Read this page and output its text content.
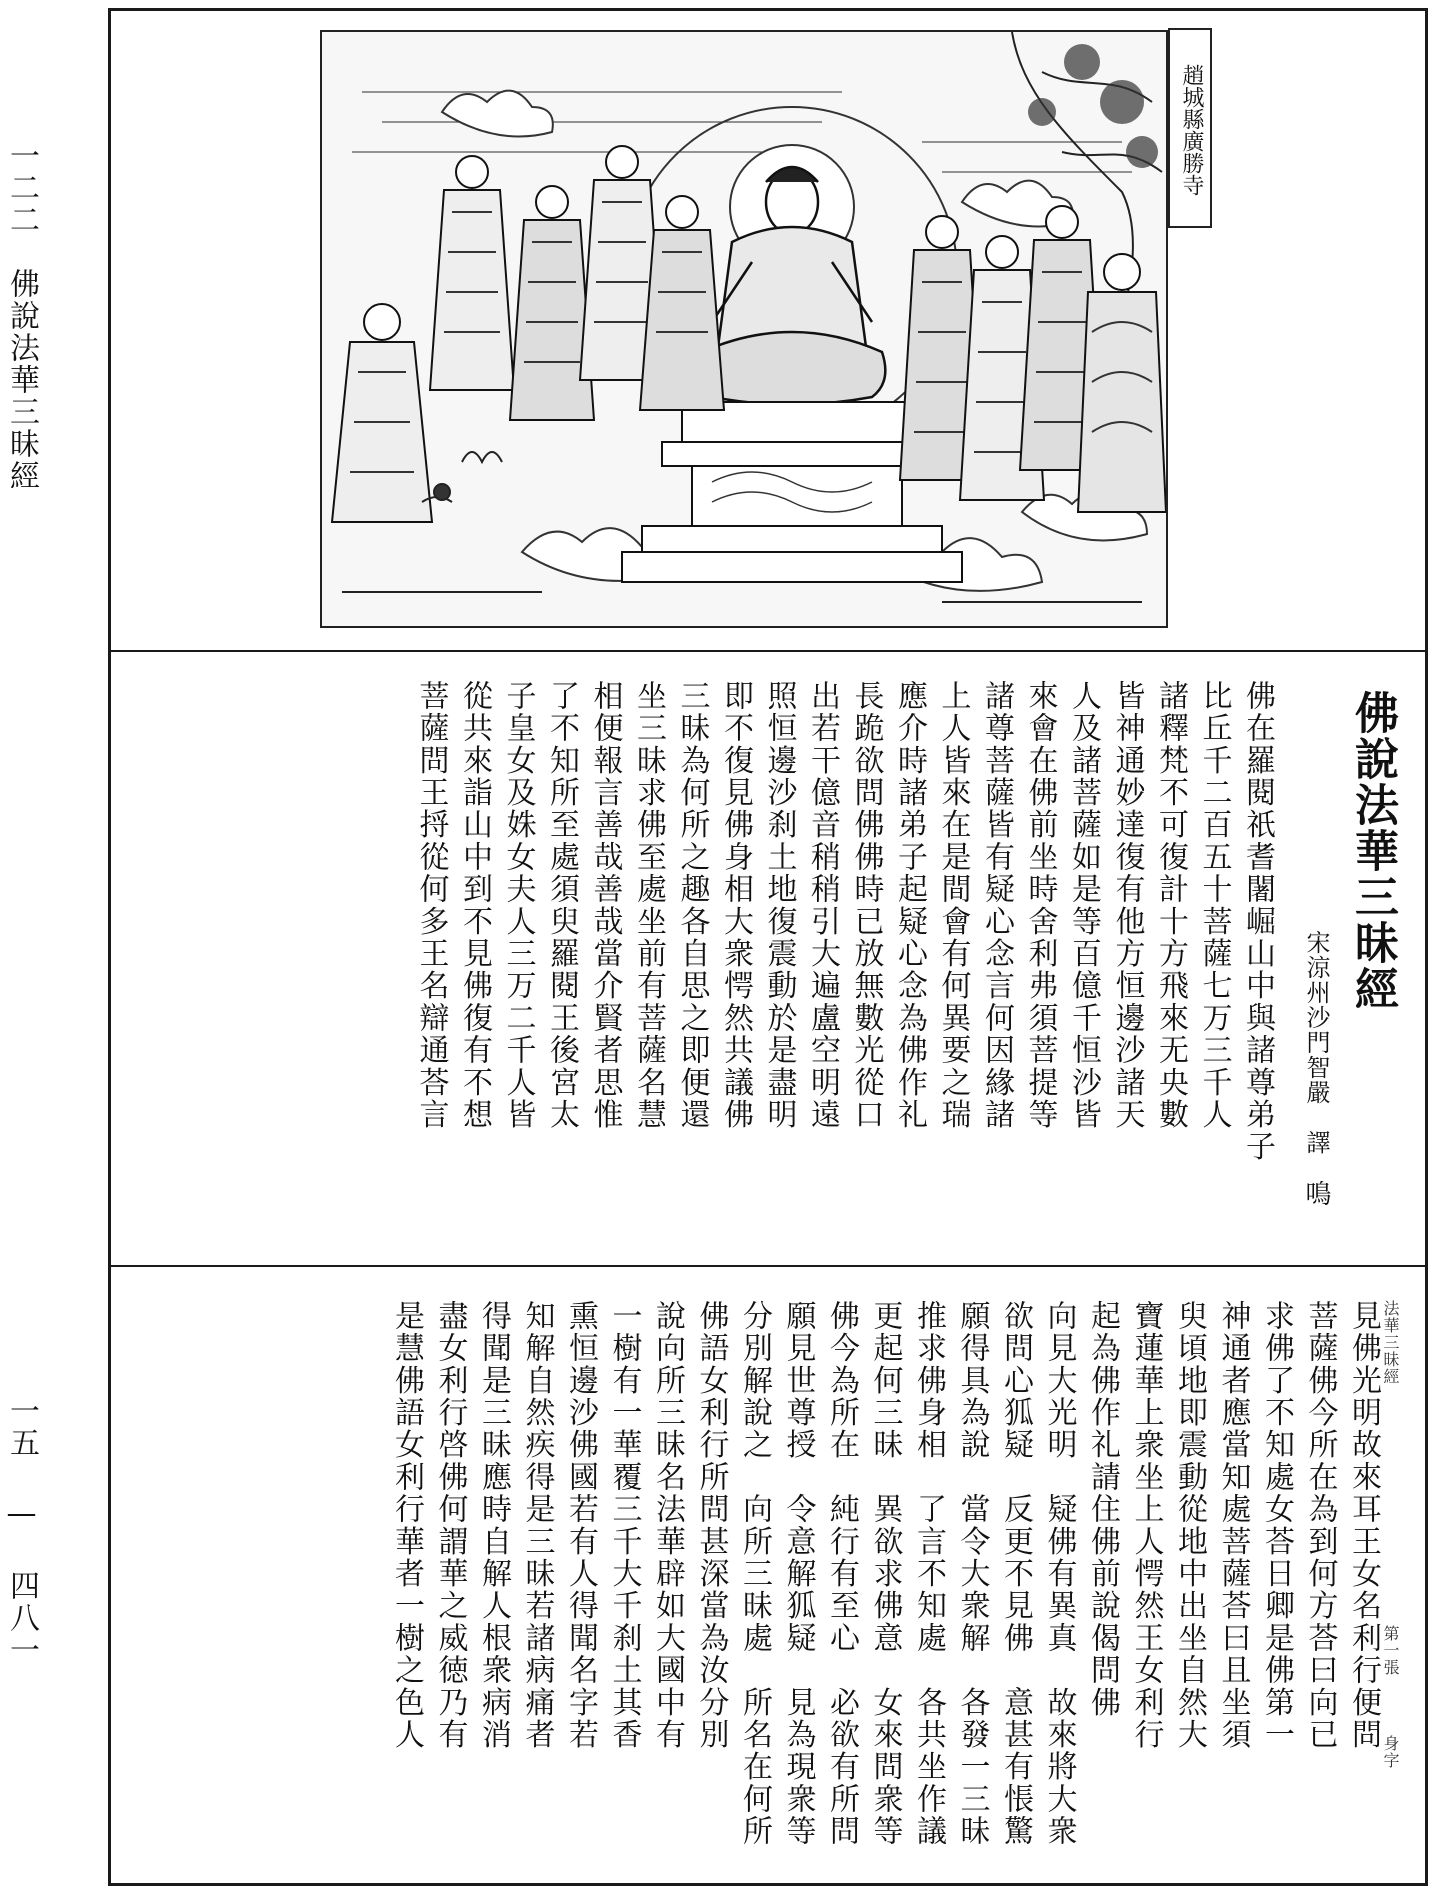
一二二　佛說法華三昧經
一五 — 四八一
趙城縣廣勝寺
佛說法華三昧經
宋涼州沙門智嚴　譯
鳴
佛在羅閱祇耆闍崛山中與諸尊弟子
比丘千二百五十菩薩七万三千人
諸釋梵不可復計十方飛來无央數
皆神通妙達復有他方恒邊沙諸天
人及諸菩薩如是等百億千恒沙皆
來會在佛前坐時舍利弗須菩提等
諸尊菩薩皆有疑心念言何因緣諸
上人皆來在是間會有何異要之瑞
應介時諸弟子起疑心念為佛作礼
長跪欲問佛佛時已放無數光從口
出若干億音稍稍引大遍盧空明遠
照恒邊沙刹土地復震動於是盡明
即不復見佛身相大衆愕然共議佛
三昧為何所之趣各自思之即便還
坐三昧求佛至處坐前有菩薩名慧
相便報言善哉善哉當介賢者思惟
了不知所至處須臾羅閱王後宮太
子皇女及姝女夫人三万二千人皆
從共來詣山中到不見佛復有不想
菩薩問王捋從何多王名辯通荅言
見佛光明故來耳王女名利行便問
菩薩佛今所在為到何方荅曰向已
求佛了不知處女荅日卿是佛第一
神通者應當知處菩薩荅曰且坐須
臾頃地即震動從地中出坐自然大
寶蓮華上衆坐上人愕然王女利行
起為佛作礼請住佛前說偈問佛
向見大光明　疑佛有異真　故來將大衆
欲問心狐疑　反更不見佛　意甚有悵驚
願得具為說　當令大衆解　各發一三昧
推求佛身相　了言不知處　各共坐作議
更起何三昧　異欲求佛意　女來問衆等
佛今為所在　純行有至心　必欲有所問
願見世尊授　令意解狐疑　見為現衆等
分別解說之　向所三昧處　所名在何所
佛語女利行所問甚深當為汝分別
說向所三昧名法華辟如大國中有
一樹有一華覆三千大千刹土其香
熏恒邊沙佛國若有人得聞名字若
知解自然疾得是三昧若諸病痛者
得聞是三昧應時自解人根衆病消
盡女利行啓佛何謂華之威徳乃有
是慧佛語女利行華者一樹之色人	法華三昧經
第一張
身字
